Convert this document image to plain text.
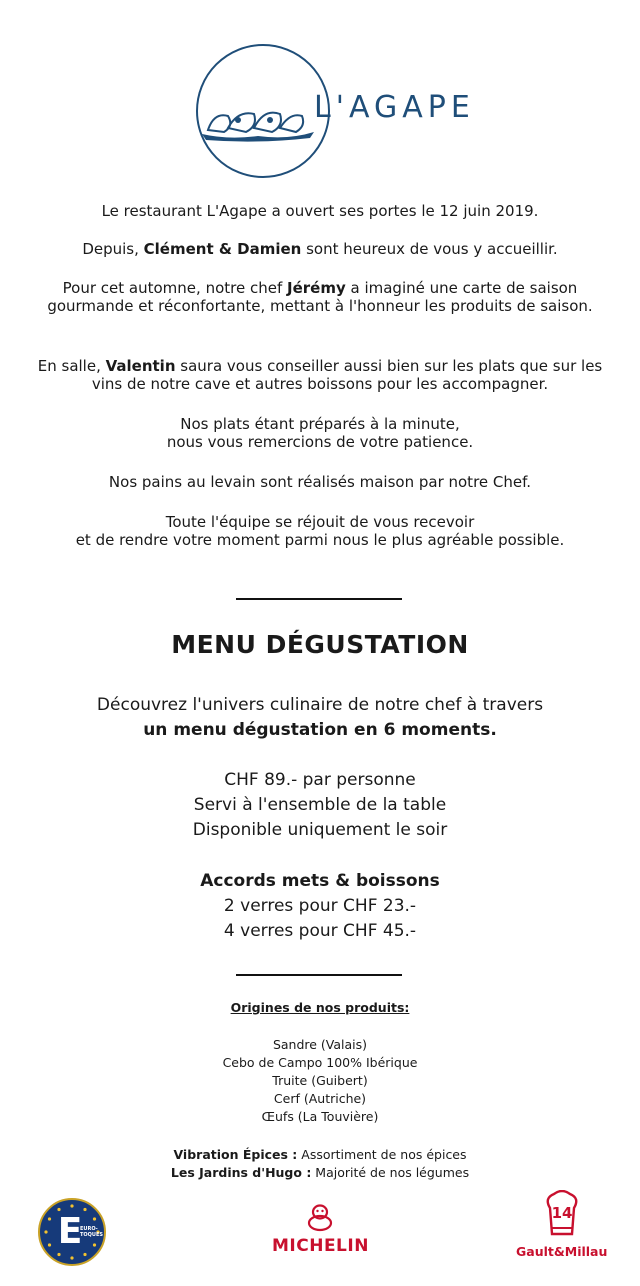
L'AGAPE

Le restaurant L'Agape a ouvert ses portes le 12 juin 2019.

Depuis, Clément & Damien sont heureux de vous y accueillir.

Pour cet automne, notre chef Jérémy a imaginé une carte de saison gourmande et réconfortante, mettant à l'honneur les produits de saison.

En salle, Valentin saura vous conseiller aussi bien sur les plats que sur les vins de notre cave et autres boissons pour les accompagner.

Nos plats étant préparés à la minute,

nous vous remercions de votre patience.

Nos pains au levain sont réalisés maison par notre Chef.

Toute l'équipe se réjouit de vous recevoir

et de rendre votre moment parmi nous le plus agréable possible.

MENU DÉGUSTATION

Découvrez l'univers culinaire de notre chef à travers

un menu dégustation en 6 moments.

CHF 89.- par personne

Servi à l'ensemble de la table

Disponible uniquement le soir

Accords mets & boissons

2 verres pour CHF 23.-

4 verres pour CHF 45.-

Origines de nos produits:

Sandre (Valais)

Cebo de Campo 100% Ibérique

Truite (Guibert)

Cerf (Autriche)

Œufs (La Touvière)

Vibration Épices : Assortiment de nos épices

Les Jardins d'Hugo : Majorité de nos légumes

E
EURO-TOQUES
MICHELIN
14
Gault&Millau
